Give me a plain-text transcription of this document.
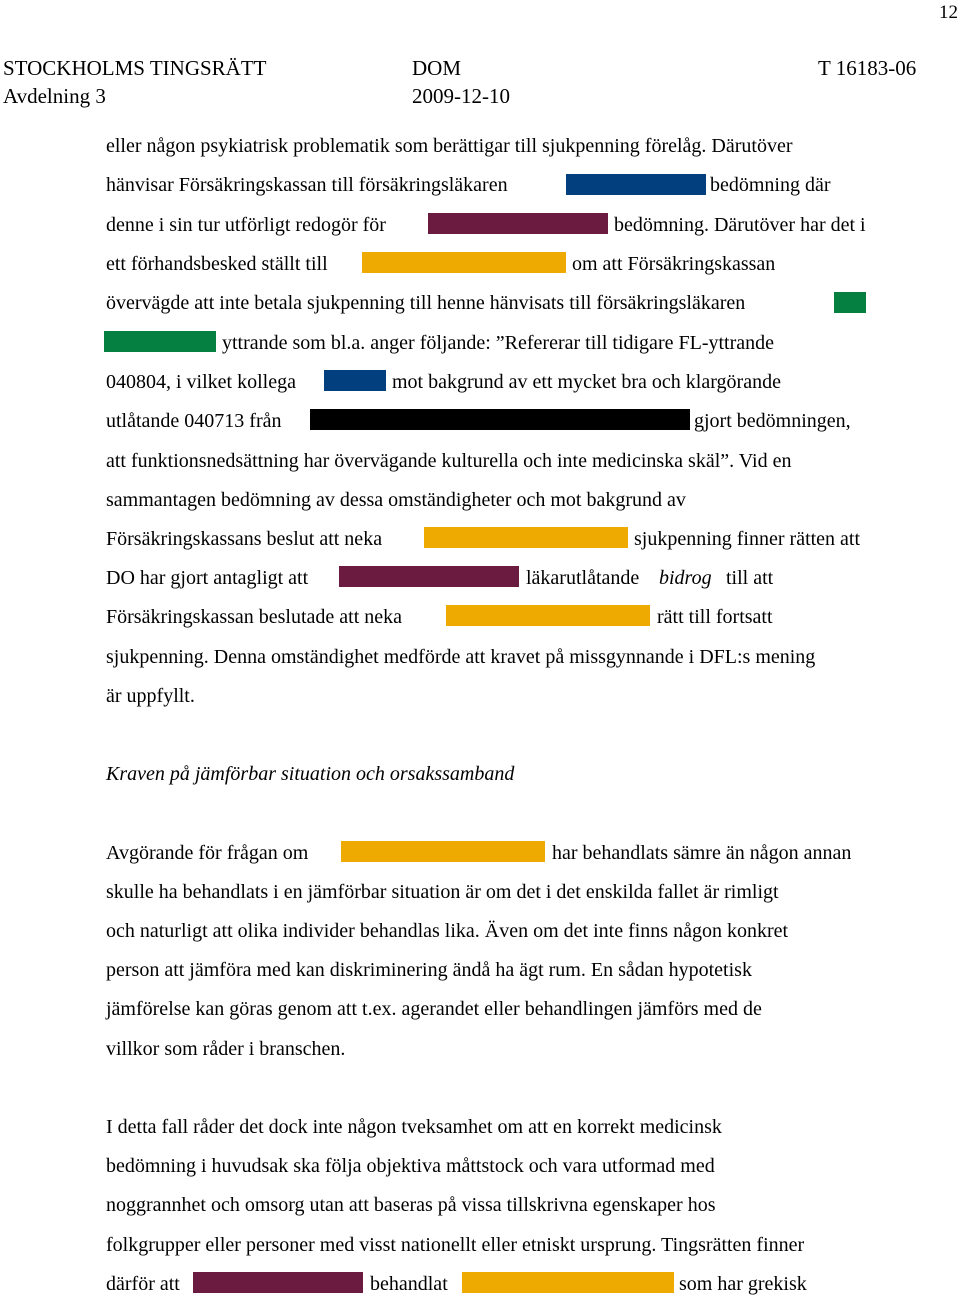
12
STOCKHOLMS TINGSRÄTT
Avdelning 3
DOM
2009-12-10
T 16183-06
eller någon psykiatrisk problematik som berättigar till sjukpenning förelåg. Därutöver
hänvisar Försäkringskassan till försäkringsläkaren	bedömning där
denne i sin tur utförligt redogör för	bedömning. Därutöver har det i
ett förhandsbesked ställt till	om att Försäkringskassan
övervägde att inte betala sjukpenning till henne hänvisats till försäkringsläkaren
yttrande som bl.a. anger följande: ”Refererar till tidigare FL-yttrande
040804, i vilket kollega	mot bakgrund av ett mycket bra och klargörande
utlåtande 040713 från	gjort bedömningen,
att funktionsnedsättning har övervägande kulturella och inte medicinska skäl”. Vid en
sammantagen bedömning av dessa omständigheter och mot bakgrund av
Försäkringskassans beslut att neka	sjukpenning finner rätten att
DO har gjort antagligt att	läkarutlåtande bidrog till att
Försäkringskassan beslutade att neka	rätt till fortsatt
sjukpenning. Denna omständighet medförde att kravet på missgynnande i DFL:s mening
är uppfyllt.
Kraven på jämförbar situation och orsakssamband
Avgörande för frågan om	har behandlats sämre än någon annan
skulle ha behandlats i en jämförbar situation är om det i det enskilda fallet är rimligt
och naturligt att olika individer behandlas lika. Även om det inte finns någon konkret
person att jämföra med kan diskriminering ändå ha ägt rum. En sådan hypotetisk
jämförelse kan göras genom att t.ex. agerandet eller behandlingen jämförs med de
villkor som råder i branschen.
I detta fall råder det dock inte någon tveksamhet om att en korrekt medicinsk
bedömning i huvudsak ska följa objektiva måttstock och vara utformad med
noggrannhet och omsorg utan att baseras på vissa tillskrivna egenskaper hos
folkgrupper eller personer med visst nationellt eller etniskt ursprung. Tingsrätten finner
därför att	behandlat	som har grekisk
